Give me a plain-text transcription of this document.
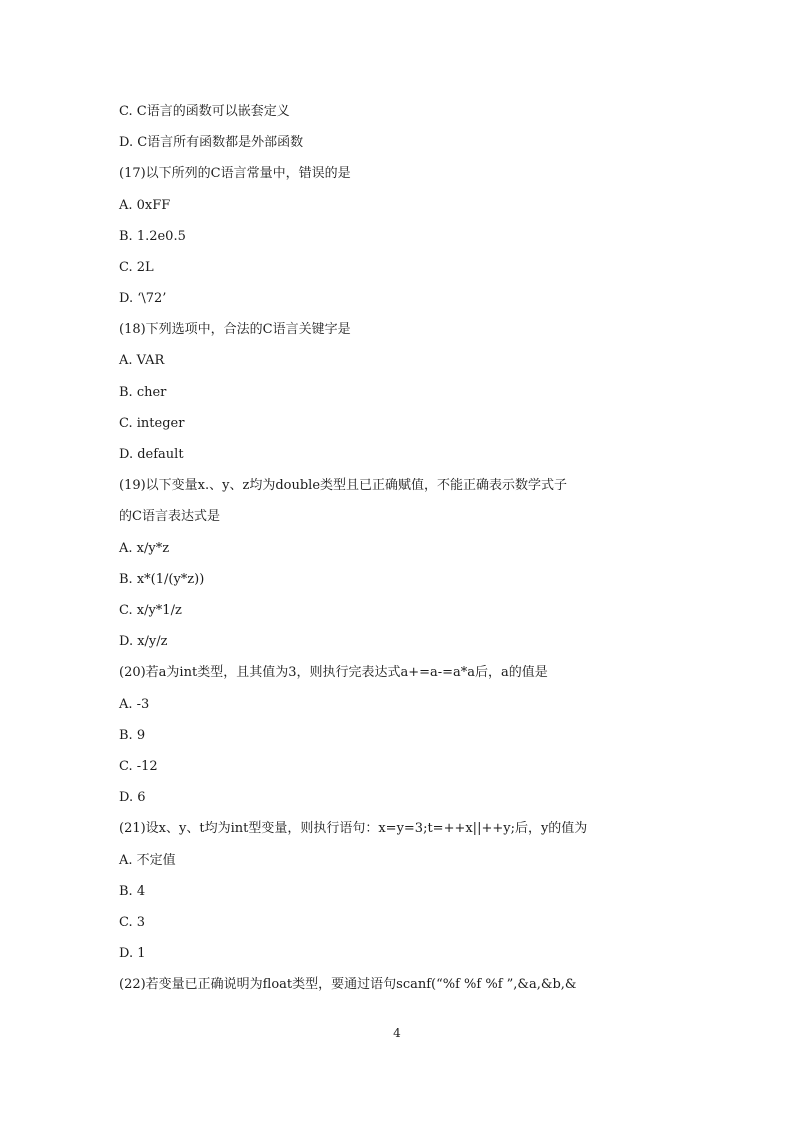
C. C语言的函数可以嵌套定义
D. C语言所有函数都是外部函数
(17)以下所列的C语言常量中，错误的是
A. 0xFF
B. 1.2e0.5
C. 2L
D. ‘\72’
(18)下列选项中，合法的C语言关键字是
A. VAR
B. cher
C. integer
D. default
(19)以下变量x.、y、z均为double类型且已正确赋值，不能正确表示数学式子
的C语言表达式是
A. x/y*z
B. x*(1/(y*z))
C. x/y*1/z
D. x/y/z
(20)若a为int类型，且其值为3，则执行完表达式a+=a-=a*a后，a的值是
A. -3
B. 9
C. -12
D. 6
(21)设x、y、t均为int型变量，则执行语句：x=y=3;t=++x||++y;后，y的值为
A. 不定值
B. 4
C. 3
D. 1
(22)若变量已正确说明为float类型，要通过语句scanf(“%f %f %f ”,&a,&b,&
4
